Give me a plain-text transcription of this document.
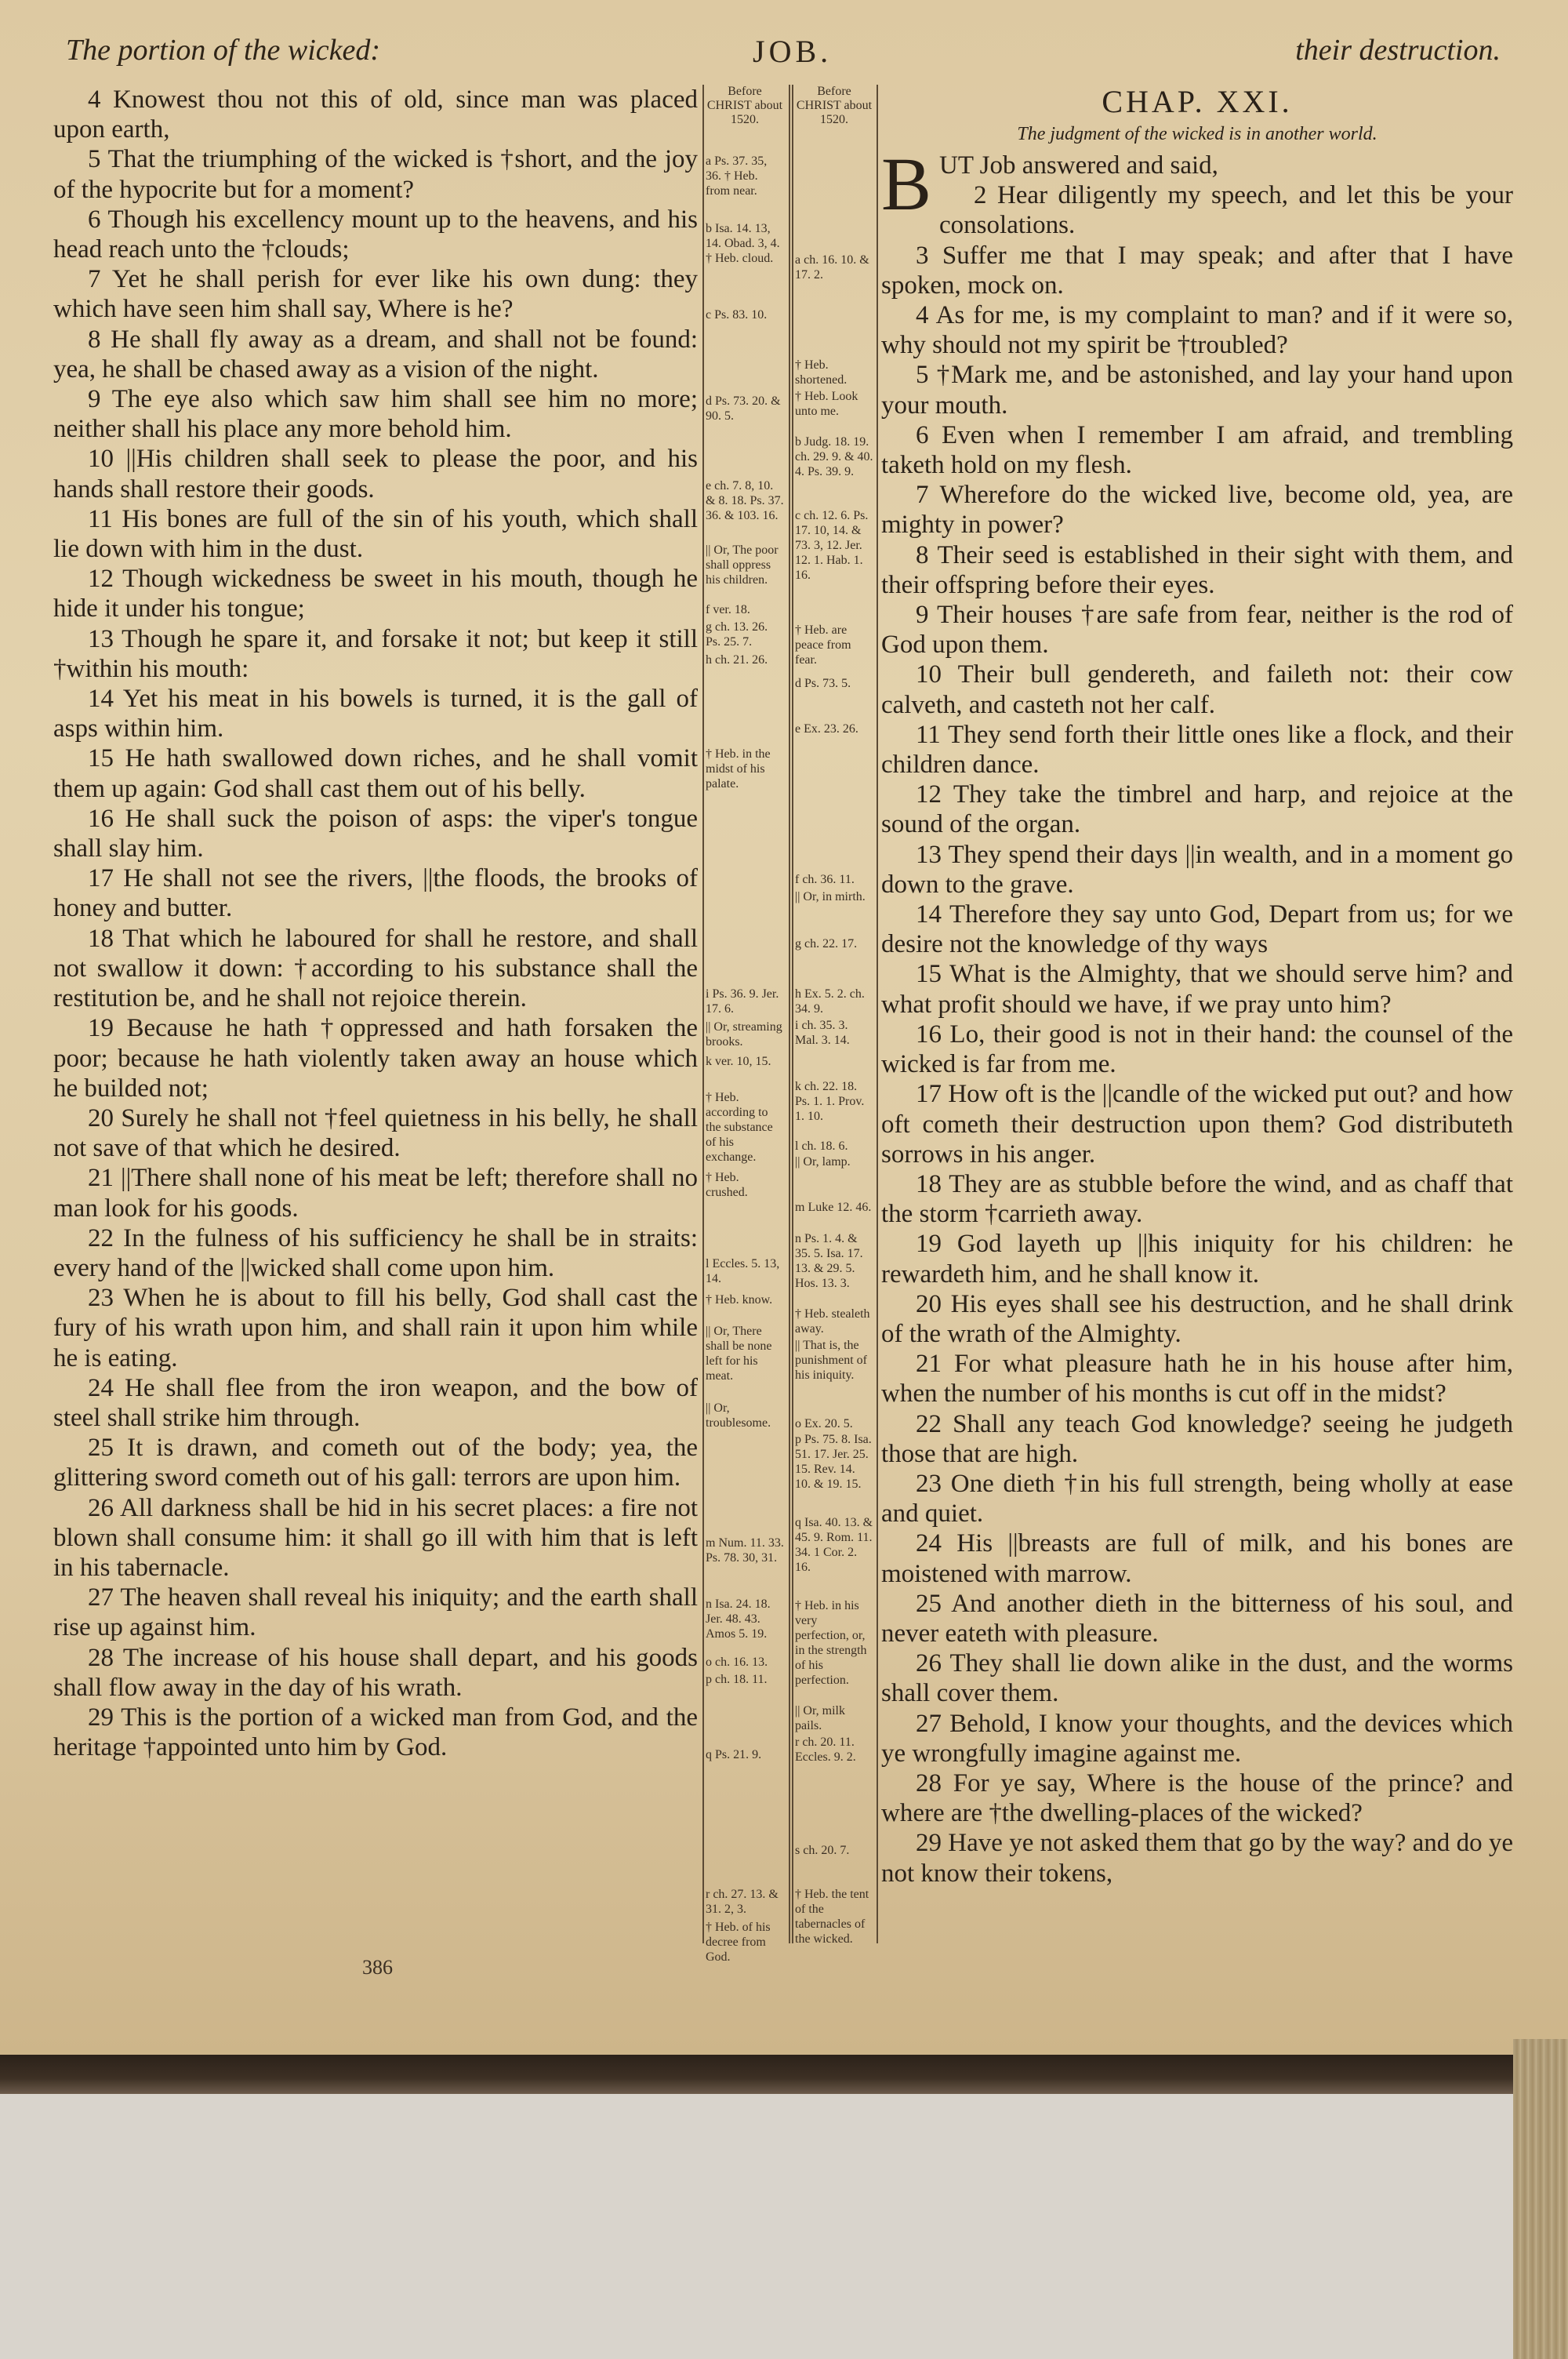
The portion of the wicked:	JOB.	their destruction.

4 Knowest thou not this of old, since man was placed upon earth,

5 That the triumphing of the wicked is †short, and the joy of the hypocrite but for a moment?

6 Though his excellency mount up to the heavens, and his head reach unto the †clouds;

7 Yet he shall perish for ever like his own dung: they which have seen him shall say, Where is he?

8 He shall fly away as a dream, and shall not be found: yea, he shall be chased away as a vision of the night.

9 The eye also which saw him shall see him no more; neither shall his place any more behold him.

10 ||His children shall seek to please the poor, and his hands shall restore their goods.

11 His bones are full of the sin of his youth, which shall lie down with him in the dust.

12 Though wickedness be sweet in his mouth, though he hide it under his tongue;

13 Though he spare it, and forsake it not; but keep it still †within his mouth:

14 Yet his meat in his bowels is turned, it is the gall of asps within him.

15 He hath swallowed down riches, and he shall vomit them up again: God shall cast them out of his belly.

16 He shall suck the poison of asps: the viper's tongue shall slay him.

17 He shall not see the rivers, ||the floods, the brooks of honey and butter.

18 That which he laboured for shall he restore, and shall not swallow it down: †according to his substance shall the restitution be, and he shall not rejoice therein.

19 Because he hath †oppressed and hath forsaken the poor; because he hath violently taken away an house which he builded not;

20 Surely he shall not †feel quietness in his belly, he shall not save of that which he desired.

21 ||There shall none of his meat be left; therefore shall no man look for his goods.

22 In the fulness of his sufficiency he shall be in straits: every hand of the ||wicked shall come upon him.

23 When he is about to fill his belly, God shall cast the fury of his wrath upon him, and shall rain it upon him while he is eating.

24 He shall flee from the iron weapon, and the bow of steel shall strike him through.

25 It is drawn, and cometh out of the body; yea, the glittering sword cometh out of his gall: terrors are upon him.

26 All darkness shall be hid in his secret places: a fire not blown shall consume him: it shall go ill with him that is left in his tabernacle.

27 The heaven shall reveal his iniquity; and the earth shall rise up against him.

28 The increase of his house shall depart, and his goods shall flow away in the day of his wrath.

29 This is the portion of a wicked man from God, and the heritage †appointed unto him by God.

Before CHRIST about 1520.
a Ps. 37. 35, 36. † Heb. from near.
b Isa. 14. 13, 14. Obad. 3, 4. † Heb. cloud.
c Ps. 83. 10.
d Ps. 73. 20. & 90. 5.
e ch. 7. 8, 10. & 8. 18. Ps. 37. 36. & 103. 16.
|| Or, The poor shall oppress his children.
f ver. 18.
g ch. 13. 26. Ps. 25. 7.
h ch. 21. 26.
† Heb. in the midst of his palate.
i Ps. 36. 9. Jer. 17. 6.
|| Or, streaming brooks.
k ver. 10, 15.
† Heb. according to the substance of his exchange.
† Heb. crushed.
l Eccles. 5. 13, 14.
† Heb. know.
|| Or, There shall be none left for his meat.
|| Or, troublesome.
m Num. 11. 33. Ps. 78. 30, 31.
n Isa. 24. 18. Jer. 48. 43. Amos 5. 19.
o ch. 16. 13.
p ch. 18. 11.
q Ps. 21. 9.
r ch. 27. 13. & 31. 2, 3.
† Heb. of his decree from God.
Before CHRIST about 1520.
a ch. 16. 10. & 17. 2.
† Heb. shortened.
† Heb. Look unto me.
b Judg. 18. 19. ch. 29. 9. & 40. 4. Ps. 39. 9.
c ch. 12. 6. Ps. 17. 10, 14. & 73. 3, 12. Jer. 12. 1. Hab. 1. 16.
† Heb. are peace from fear.
d Ps. 73. 5.
e Ex. 23. 26.
f ch. 36. 11.
|| Or, in mirth.
g ch. 22. 17.
h Ex. 5. 2. ch. 34. 9.
i ch. 35. 3. Mal. 3. 14.
k ch. 22. 18. Ps. 1. 1. Prov. 1. 10.
l ch. 18. 6.
|| Or, lamp.
m Luke 12. 46.
n Ps. 1. 4. & 35. 5. Isa. 17. 13. & 29. 5. Hos. 13. 3.
† Heb. stealeth away.
|| That is, the punishment of his iniquity.
o Ex. 20. 5.
p Ps. 75. 8. Isa. 51. 17. Jer. 25. 15. Rev. 14. 10. & 19. 15.
q Isa. 40. 13. & 45. 9. Rom. 11. 34. 1 Cor. 2. 16.
† Heb. in his very perfection, or, in the strength of his perfection.
|| Or, milk pails.
r ch. 20. 11. Eccles. 9. 2.
s ch. 20. 7.
† Heb. the tent of the tabernacles of the wicked.
CHAP. XXI.
The judgment of the wicked is in another world.
B UT Job answered and said,

2 Hear diligently my speech, and let this be your consolations.

3 Suffer me that I may speak; and after that I have spoken, mock on.

4 As for me, is my complaint to man? and if it were so, why should not my spirit be †troubled?

5 †Mark me, and be astonished, and lay your hand upon your mouth.

6 Even when I remember I am afraid, and trembling taketh hold on my flesh.

7 Wherefore do the wicked live, become old, yea, are mighty in power?

8 Their seed is established in their sight with them, and their offspring before their eyes.

9 Their houses †are safe from fear, neither is the rod of God upon them.

10 Their bull gendereth, and faileth not: their cow calveth, and casteth not her calf.

11 They send forth their little ones like a flock, and their children dance.

12 They take the timbrel and harp, and rejoice at the sound of the organ.

13 They spend their days ||in wealth, and in a moment go down to the grave.

14 Therefore they say unto God, Depart from us; for we desire not the knowledge of thy ways

15 What is the Almighty, that we should serve him? and what profit should we have, if we pray unto him?

16 Lo, their good is not in their hand: the counsel of the wicked is far from me.

17 How oft is the ||candle of the wicked put out? and how oft cometh their destruction upon them? God distributeth sorrows in his anger.

18 They are as stubble before the wind, and as chaff that the storm †carrieth away.

19 God layeth up ||his iniquity for his children: he rewardeth him, and he shall know it.

20 His eyes shall see his destruction, and he shall drink of the wrath of the Almighty.

21 For what pleasure hath he in his house after him, when the number of his months is cut off in the midst?

22 Shall any teach God knowledge? seeing he judgeth those that are high.

23 One dieth †in his full strength, being wholly at ease and quiet.

24 His ||breasts are full of milk, and his bones are moistened with marrow.

25 And another dieth in the bitterness of his soul, and never eateth with pleasure.

26 They shall lie down alike in the dust, and the worms shall cover them.

27 Behold, I know your thoughts, and the devices which ye wrongfully imagine against me.

28 For ye say, Where is the house of the prince? and where are †the dwelling-places of the wicked?

29 Have ye not asked them that go by the way? and do ye not know their tokens,

386
